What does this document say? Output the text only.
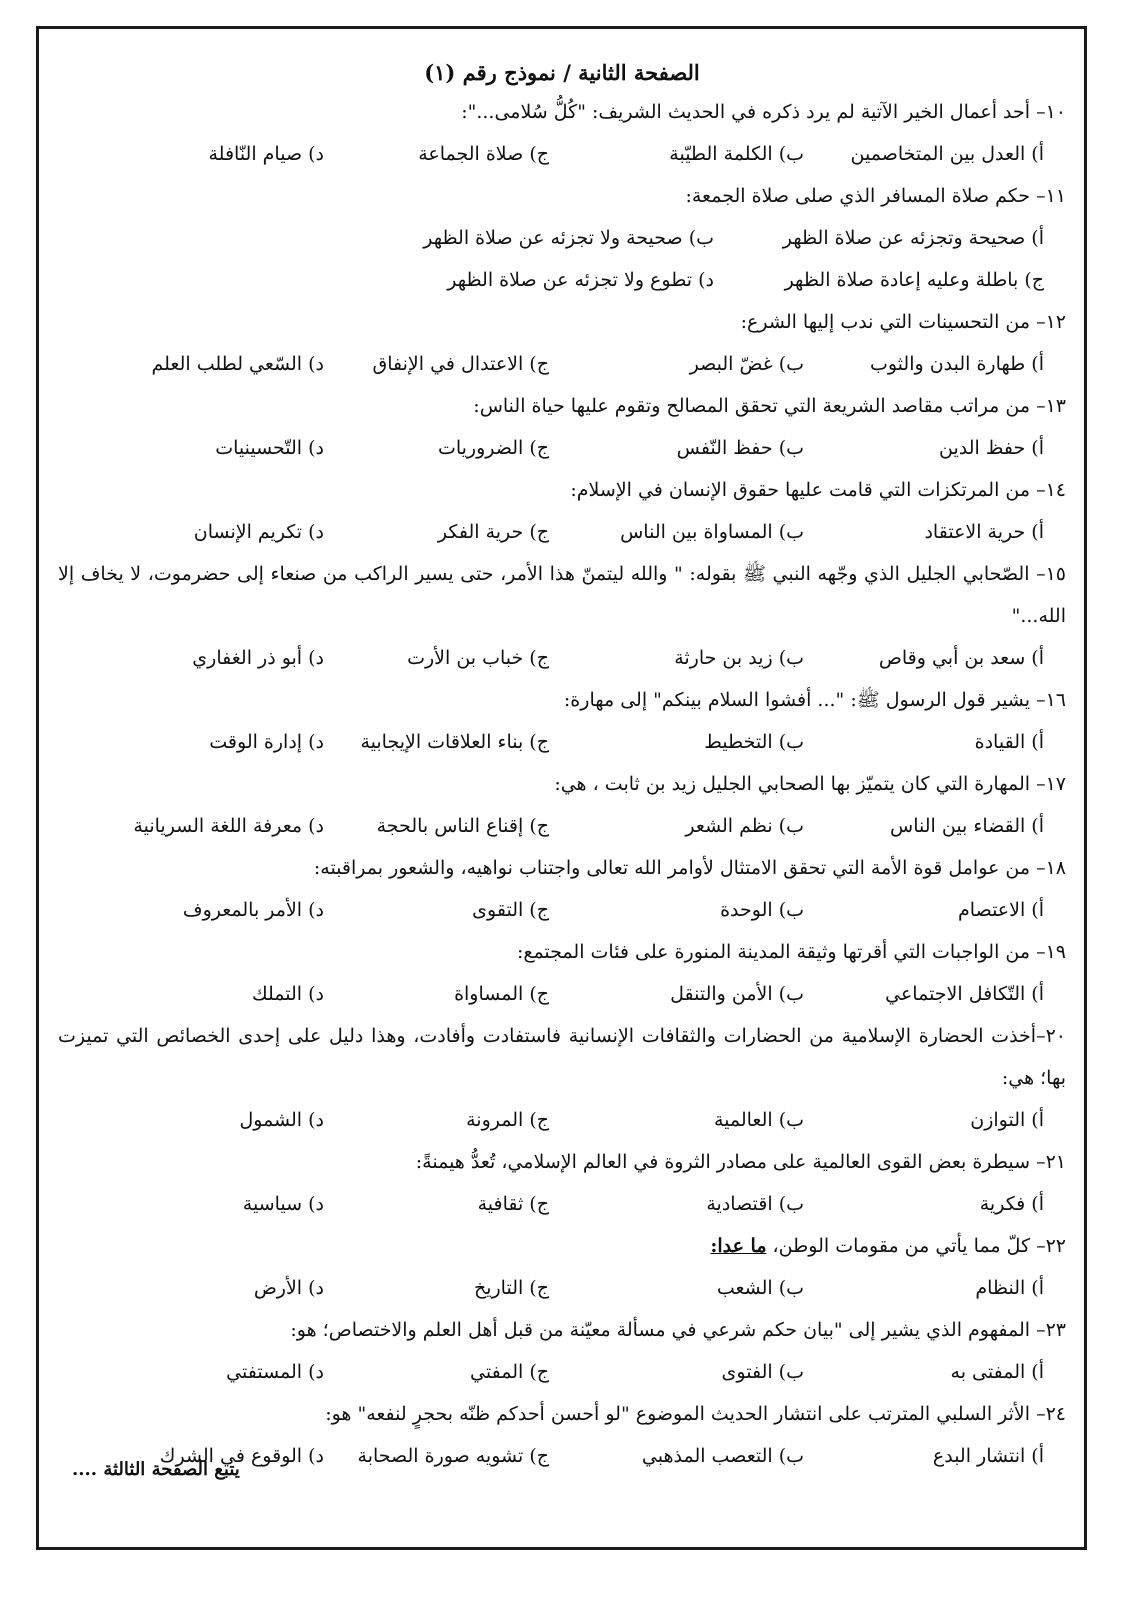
الصفحة الثانية / نموذج رقم (١)
١٠– أحد أعمال الخير الآتية لم يرد ذكره في الحديث الشريف: "كُلُّ سُلامى...":
أ) العدل بين المتخاصمين
ب) الكلمة الطيّبة
ج) صلاة الجماعة
د) صيام النّافلة
١١– حكم صلاة المسافر الذي صلى صلاة الجمعة:
أ) صحيحة وتجزئه عن صلاة الظهر
ب) صحيحة ولا تجزئه عن صلاة الظهر
ج) باطلة وعليه إعادة صلاة الظهر
د) تطوع ولا تجزئه عن صلاة الظهر
١٢– من التحسينات التي ندب إليها الشرع:
أ) طهارة البدن والثوب
ب) غضّ البصر
ج) الاعتدال في الإنفاق
د) السّعي لطلب العلم
١٣– من مراتب مقاصد الشريعة التي تحقق المصالح وتقوم عليها حياة الناس:
أ) حفظ الدين
ب) حفظ النّفس
ج) الضروريات
د) التّحسينيات
١٤– من المرتكزات التي قامت عليها حقوق الإنسان في الإسلام:
أ) حرية الاعتقاد
ب) المساواة بين الناس
ج) حرية الفكر
د) تكريم الإنسان
١٥– الصّحابي الجليل الذي وجّهه النبي ﷺ بقوله: " والله ليتمنّ هذا الأمر، حتى يسير الراكب من صنعاء إلى حضرموت، لا يخاف إلا الله..."
أ) سعد بن أبي وقاص
ب) زيد بن حارثة
ج) خباب بن الأرت
د) أبو ذر الغفاري
١٦– يشير قول الرسول ﷺ: "... أفشوا السلام بينكم" إلى مهارة:
أ) القيادة
ب) التخطيط
ج) بناء العلاقات الإيجابية
د) إدارة الوقت
١٧– المهارة التي كان يتميّز بها الصحابي الجليل زيد بن ثابت ، هي:
أ) القضاء بين الناس
ب) نظم الشعر
ج) إقناع الناس بالحجة
د) معرفة اللغة السريانية
١٨– من عوامل قوة الأمة التي تحقق الامتثال لأوامر الله تعالى واجتناب نواهيه، والشعور بمراقبته:
أ) الاعتصام
ب) الوحدة
ج) التقوى
د) الأمر بالمعروف
١٩– من الواجبات التي أقرتها وثيقة المدينة المنورة على فئات المجتمع:
أ) التّكافل الاجتماعي
ب) الأمن والتنقل
ج) المساواة
د) التملك
٢٠–أخذت الحضارة الإسلامية من الحضارات والثقافات الإنسانية فاستفادت وأفادت، وهذا دليل على إحدى الخصائص التي تميزت بها؛ هي:
أ) التوازن
ب) العالمية
ج) المرونة
د) الشمول
٢١– سيطرة بعض القوى العالمية على مصادر الثروة في العالم الإسلامي، تُعدُّ هيمنةً:
أ) فكرية
ب) اقتصادية
ج) ثقافية
د) سياسية
٢٢– كلّ مما يأتي من مقومات الوطن، ما عدا:
أ) النظام
ب) الشعب
ج) التاريخ
د) الأرض
٢٣– المفهوم الذي يشير إلى "بيان حكم شرعي في مسألة معيّنة من قبل أهل العلم والاختصاص؛ هو:
أ) المفتى به
ب) الفتوى
ج) المفتي
د) المستفتي
٢٤– الأثر السلبي المترتب على انتشار الحديث الموضوع "لو أحسن أحدكم ظنّه بحجرٍ لنفعه" هو:
أ) انتشار البدع
ب) التعصب المذهبي
ج) تشويه صورة الصحابة
د) الوقوع في الشرك
يتبع الصفحة الثالثة ....
